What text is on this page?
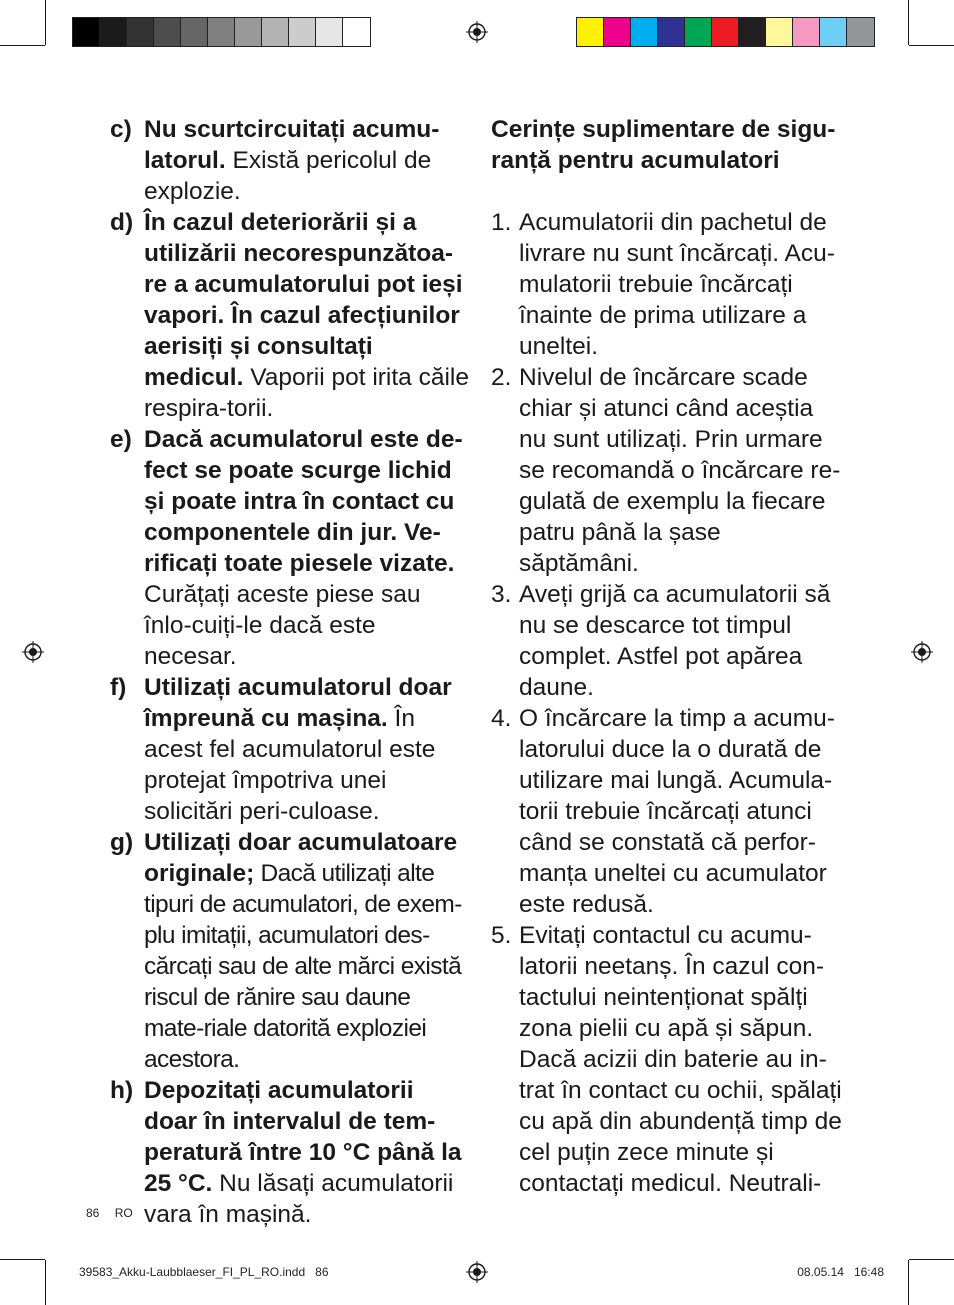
c) Nu scurtcircuitați acumu-latorul. Există pericolul de explozie.
d) În cazul deteriorării și a utilizării necorespunzătoa-re a acumulatorului pot ieși vapori. În cazul afecțiunilor aerisiți și consultați medicul. Vaporii pot irita căile respira-torii.
e) Dacă acumulatorul este de-fect se poate scurge lichid și poate intra în contact cu componentele din jur. Ve-rificați toate piesele vizate. Curățați aceste piese sau înlo-cuiți-le dacă este necesar.
f) Utilizați acumulatorul doar împreună cu mașina. În acest fel acumulatorul este protejat împotriva unei solicitări peri-culoase.
g) Utilizați doar acumulatoare originale; Dacă utilizați alte tipuri de acumulatori, de exem-plu imitații, acumulatori des-cărcați sau de alte mărci există riscul de rănire sau daune mate-riale datorită exploziei acestora.
h) Depozitați acumulatorii doar în intervalul de tem-peratură între 10 °C până la 25 °C. Nu lăsați acumulatorii vara în mașină.
Cerințe suplimentare de sigu-ranță pentru acumulatori
1. Acumulatorii din pachetul de livrare nu sunt încărcați. Acu-mulatorii trebuie încărcați înainte de prima utilizare a uneltei.
2. Nivelul de încărcare scade chiar și atunci când aceștia nu sunt utilizați. Prin urmare se recomandă o încărcare re-gulată de exemplu la fiecare patru până la șase săptămâni.
3. Aveți grijă ca acumulatorii să nu se descarce tot timpul complet. Astfel pot apărea daune.
4. O încărcare la timp a acumu-latorului duce la o durată de utilizare mai lungă. Acumula-torii trebuie încărcați atunci când se constată că perfor-manța uneltei cu acumulator este redusă.
5. Evitați contactul cu acumu-latorii neetanș. În cazul con-tactului neintenționat spălți zona pielii cu apă și săpun. Dacă acizii din baterie au in-trat în contact cu ochii, spălați cu apă din abundență timp de cel puțin zece minute și contactați medicul. Neutrali-
86 RO
39583_Akku-Laubblaeser_FI_PL_RO.indd   86	08.05.14   16:48
